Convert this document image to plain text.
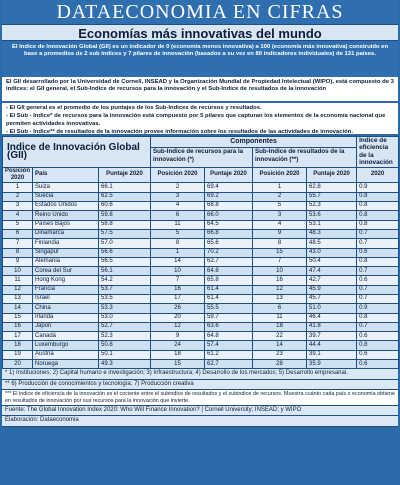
DATAECONOMIA EN CIFRAS
Economías más innovativas del mundo
El Indice de Innovación Global (GII) es un indicador de 0 (economía menos innovativa) a 100 (economía más innovativa) construido en base a promedios de 2 sub índices y 7 pilares de innovación (basados a su vez en 80 indicadores individuales) de 131 países.

El GII desarrollado por la Universidad de Cornell, INSEAD y la Organización Mundial de Propiedad Intelectual (WIPO), está compuesto de 3 indices: el GII general, el Sub-Indice de recursos para la innovación y el Sub-Indice de resultados de la innovación

- El GII general es el promedio de los puntajes de los Sub-Indices de recursos y resultados.

- El Sub - Indice* de recursos para la innovación está compuesto por 5 pilares que capturan los elementos de la economía nacional que permiten actividades innovativas.

- El Sub - Indice** de resultados de la innovación provee información sobre los resultados de las actividades de innovación.

Indice de Innovación Global (GII)			Componentes				Indice de eficiencia de la innovación
			Sub-Indice de recursos para la innovación (*)		Sub-Indice de resultados de la innovación (**)		
Posición 2020	País	Puntaje 2020	Posición 2020	Puntaje 2020	Posición 2020	Puntaje 2020	2020
1	Suiza	66.1	2	69.4	1	62.8	0.9
2	Suecia	62.5	3	69.2	2	55.7	0.8
3	Estados Unidos	60.6	4	68.8	5	52.3	0.8
4	Reino Unido	59.8	6	66.0	3	53.6	0.8
5	Países Bajos	58.8	11	64.5	4	53.1	0.8
6	Dinamarca	57.5	5	66.8	9	48.3	0.7
7	Finlandia	57.0	8	65.6	8	48.5	0.7
8	Singapur	56.6	1	70.2	15	43.0	0.6
9	Alemania	56.5	14	62.7	7	50.4	0.8
10	Corea del Sur	56.1	10	64.8	10	47.4	0.7
11	Hong Kong	54.2	7	65.8	16	42.7	0.6
12	Francia	53.7	16	61.4	12	45.9	0.7
13	Israel	53.5	17	61.4	13	45.7	0.7
14	China	53.3	26	55.5	6	51.0	0.9
15	Irlanda	53.0	20	59.7	11	46.4	0.8
16	Japón	52.7	12	63.6	18	41.8	0.7
17	Canadá	52.3	9	64.8	22	39.7	0.6
18	Luxemburgo	50.8	24	57.4	14	44.4	0.8
19	Austria	50.1	18	61.2	23	39.1	0.6
20	Noruega	49.3	15	62.7	28	35.9	0.6
* 1) Instituciones; 2) Capital humano e investigación; 3) Infraestructura; 4) Desarrollo de los mercados; 5) Desarrollo empresarial.
** 6) Producción de conocimientos y tecnología; 7) Producción creativa
*** El indice de eficiencia de la innovación es el cociente entre el subindice de resultados y el subindice de recursos. Muestra cuánto cada país o economía obtiene en resultados de innovación por sus recursos para la innovación que invierte.
Fuente: The Global Innovation Index 2020: Who Will Finance Innovation? | Cornell University; INSEAD; y WIPO
Elaboración: Dataeconomia
